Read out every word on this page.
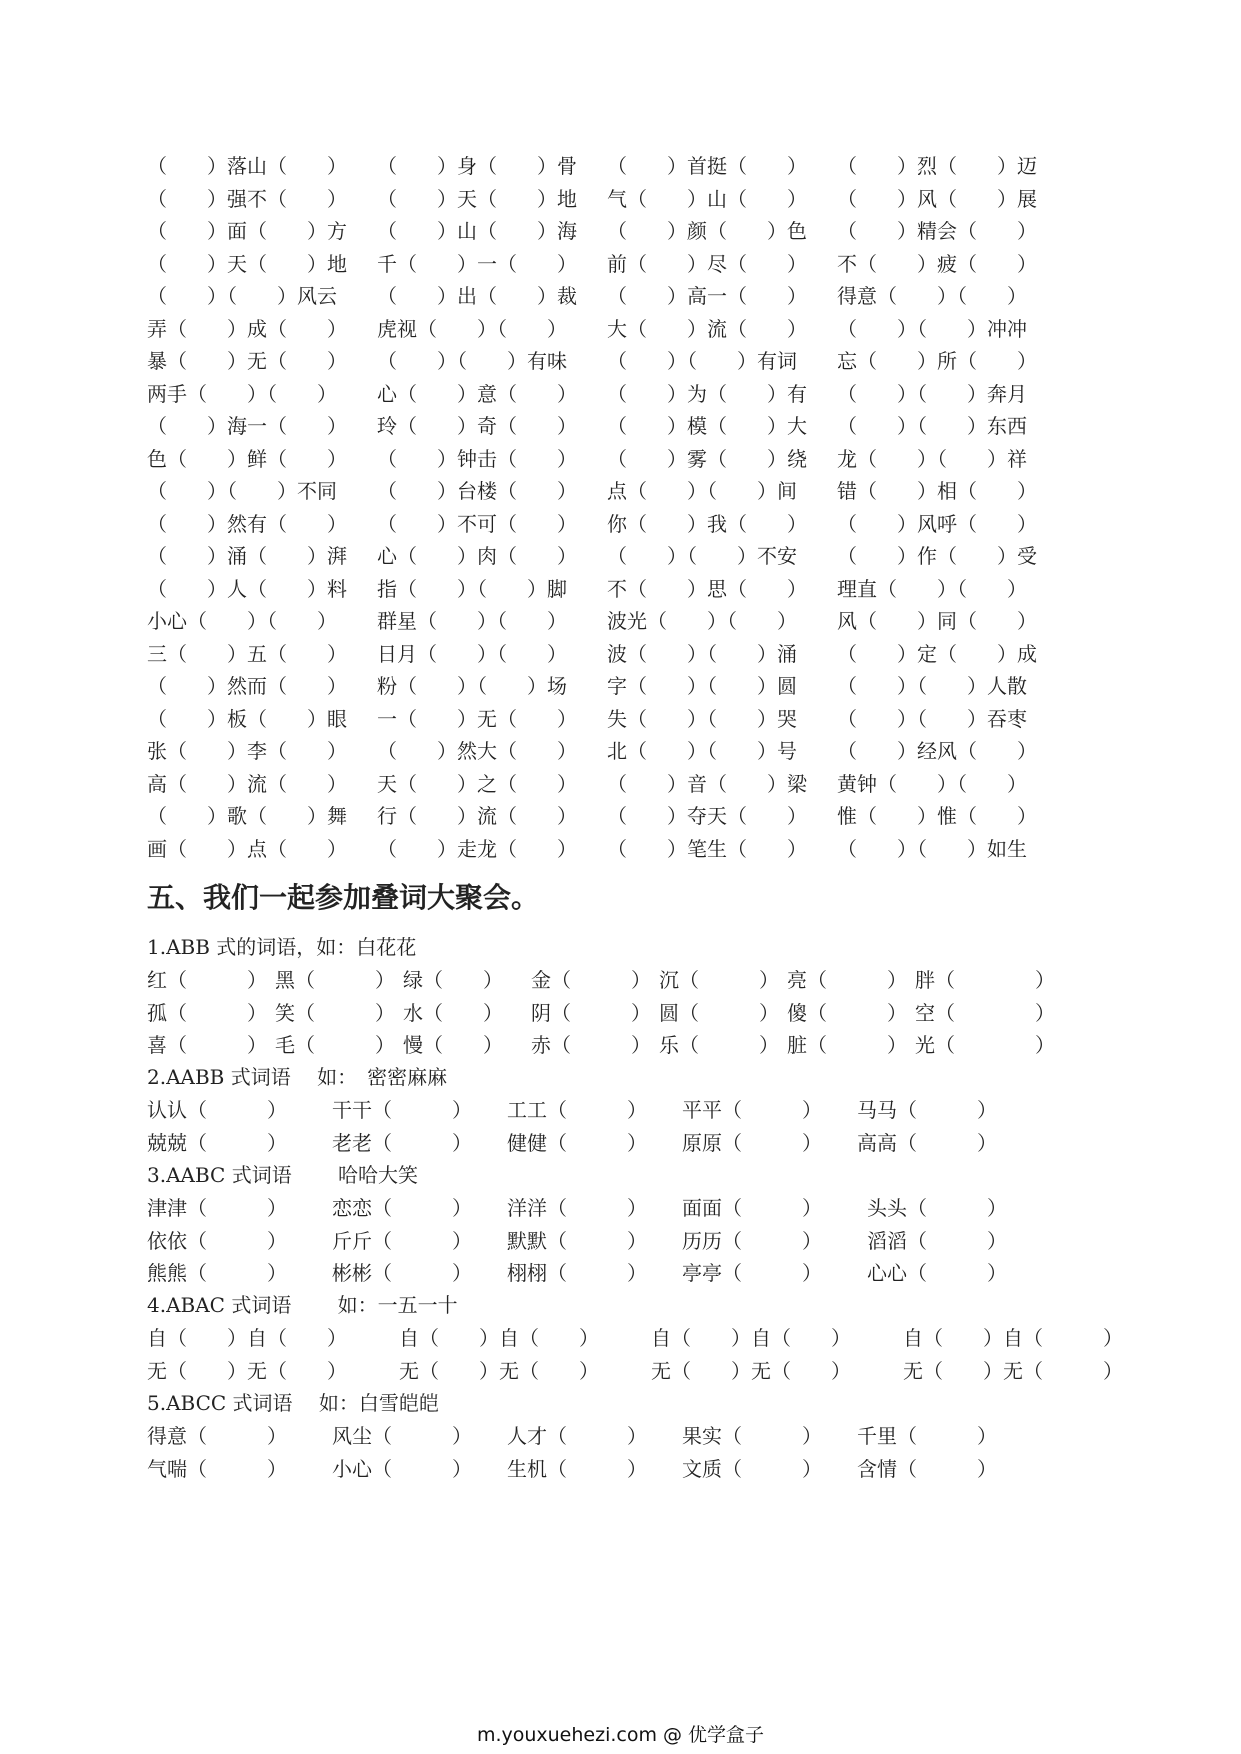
（　　）落山（　　） （　　）身（　　）骨 （　　）首挺（　　） （　　）烈（　　）迈
（　　）强不（　　） （　　）天（　　）地 气（　　）山（　　） （　　）风（　　）展
（　　）面（　　）方 （　　）山（　　）海 （　　）颜（　　）色 （　　）精会（　　）
（　　）天（　　）地 千（　　）一（　　） 前（　　）尽（　　） 不（　　）疲（　　）
（　　）（　　）风云 （　　）出（　　）裁 （　　）高一（　　） 得意（　　）（　　）
弄（　　）成（　　） 虎视（　　）（　　） 大（　　）流（　　） （　　）（　　）冲冲
暴（　　）无（　　） （　　）（　　）有味 （　　）（　　）有词 忘（　　）所（　　）
两手（　　）（　　） 心（　　）意（　　） （　　）为（　　）有 （　　）（　　）奔月
（　　）海一（　　） 玲（　　）奇（　　） （　　）模（　　）大 （　　）（　　）东西
色（　　）鲜（　　） （　　）钟击（　　） （　　）雾（　　）绕 龙（　　）（　　）祥
（　　）（　　）不同 （　　）台楼（　　） 点（　　）（　　）间 错（　　）相（　　）
（　　）然有（　　） （　　）不可（　　） 你（　　）我（　　） （　　）风呼（　　）
（　　）涌（　　）湃 心（　　）肉（　　） （　　）（　　）不安 （　　）作（　　）受
（　　）人（　　）料 指（　　）（　　）脚 不（　　）思（　　） 理直（　　）（　　）
小心（　　）（　　） 群星（　　）（　　） 波光（　　）（　　） 风（　　）同（　　）
三（　　）五（　　） 日月（　　）（　　） 波（　　）（　　）涌 （　　）定（　　）成
（　　）然而（　　） 粉（　　）（　　）场 字（　　）（　　）圆 （　　）（　　）人散
（　　）板（　　）眼 一（　　）无（　　） 失（　　）（　　）哭 （　　）（　　）吞枣
张（　　）李（　　） （　　）然大（　　） 北（　　）（　　）号 （　　）经风（　　）
高（　　）流（　　） 天（　　）之（　　） （　　）音（　　）梁 黄钟（　　）（　　）
（　　）歌（　　）舞 行（　　）流（　　） （　　）夺天（　　） 惟（　　）惟（　　）
画（　　）点（　　） （　　）走龙（　　） （　　）笔生（　　） （　　）（　　）如生
1.ABB 式的词语，如：白花花
红（　　　） 黑（　　　） 绿（　　） 金（　　　） 沉（　　　） 亮（　　　） 胖（　　　　）
孤（　　　） 笑（　　　） 水（　　） 阴（　　　） 圆（　　　） 傻（　　　） 空（　　　　）
喜（　　　） 毛（　　　） 慢（　　） 赤（　　　） 乐（　　　） 脏（　　　） 光（　　　　）
2.AABB 式词语　 如：　密密麻麻
认认（　　　） 干干（　　　） 工工（　　　） 平平（　　　） 马马（　　　）
兢兢（　　　） 老老（　　　） 健健（　　　） 原原（　　　） 高高（　　　）
3.AABC 式词语　　 哈哈大笑
津津（　　　） 恋恋（　　　） 洋洋（　　　） 面面（　　　） 头头（　　　）
依依（　　　） 斤斤（　　　） 默默（　　　） 历历（　　　） 滔滔（　　　）
熊熊（　　　） 彬彬（　　　） 栩栩（　　　） 亭亭（　　　） 心心（　　　）
4.ABAC 式词语　　 如：一五一十
自（　　）自（　　）	自（　　）自（　　）	自（　　）自（　　）	自（　　）自（　　　）
无（　　）无（　　）	无（　　）无（　　）	无（　　）无（　　）	无（　　）无（　　　）
5.ABCC 式词语　 如：白雪皑皑
得意（　　　） 风尘（　　　） 人才（　　　） 果实（　　　） 千里（　　　）
气喘（　　　） 小心（　　　） 生机（　　　） 文质（　　　） 含情（　　　）
五、我们一起参加叠词大聚会。
m.youxuehezi.com @ 优学盒子
